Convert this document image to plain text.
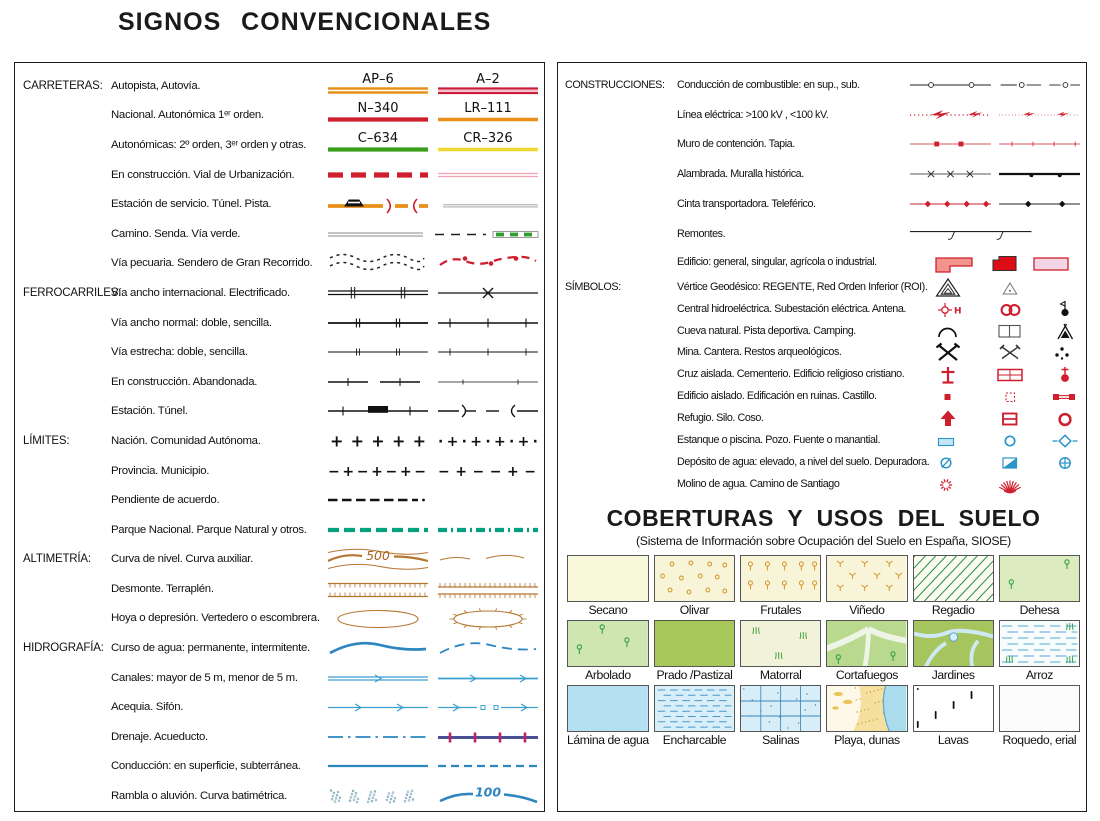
SIGNOS CONVENCIONALES
CARRETERAS: Autopista, Autovía.	AP–6	A–2
Nacional. Autonómica 1ᵉʳ orden.	N–340	LR–111
Autonómicas: 2º orden, 3ᵉʳ orden y otras.	C–634	CR–326
En construcción. Vial de Urbanización.
Estación de servicio. Túnel. Pista.
Camino. Senda. Vía verde.
Vía pecuaria. Sendero de Gran Recorrido.
FERROCARRILES:
Vía ancho internacional. Electrificado.
Vía ancho normal: doble, sencilla.
Vía estrecha: doble, sencilla.
En construcción. Abandonada.
Estación. Túnel.
LÍMITES:	Nación. Comunidad Autónoma.	+ + + + + ·+·+·+·+·
Provincia. Municipio.	−+−+−+− −+−−+−
Pendiente de acuerdo.
Parque Nacional. Parque Natural y otros.
ALTIMETRÍA:	Curva de nivel. Curva auxiliar.	500
Desmonte. Terraplén.
Hoya o depresión. Vertedero o escombrera.
HIDROGRAFÍA: Curso de agua: permanente, intermitente.
Canales: mayor de 5 m, menor de 5 m.
Acequia. Sifón.
Drenaje. Acueducto.
Conducción: en superficie, subterránea.
Rambla o aluvión. Curva batimétrica.	100
CONSTRUCCIONES:	Conducción de combustible: en sup., sub.
Línea eléctrica: >100 kV , <100 kV.
Muro de contención. Tapia.
Alambrada. Muralla histórica.
Cinta transportadora. Teleférico.
Remontes.
Edificio: general, singular, agrícola o industrial.
SÍMBOLOS:	Vértice Geodésico: REGENTE, Red Orden Inferior (ROI).
Central hidroeléctrica. Subestación eléctrica. Antena.	H
Cueva natural. Pista deportiva. Camping.
Mina. Cantera. Restos arqueológicos.
Cruz aislada. Cementerio. Edificio religioso cristiano.
Edificio aislado. Edificación en ruinas. Castillo.
Refugio. Silo. Coso.
Estanque o piscina. Pozo. Fuente o manantial.
Depósito de agua: elevado, a nivel del suelo. Depuradora.
Molino de agua. Camino de Santiago
COBERTURAS Y USOS DEL SUELO
(Sistema de Información sobre Ocupación del Suelo en España, SIOSE)
Secano	Olivar	Frutales	Viñedo	Regadio	Dehesa
Arbolado	Prado /Pastizal	Matorral	Cortafuegos	Jardines	Arroz
Lámina de agua	Encharcable	Salinas	Playa, dunas	Lavas	Roquedo, erial
